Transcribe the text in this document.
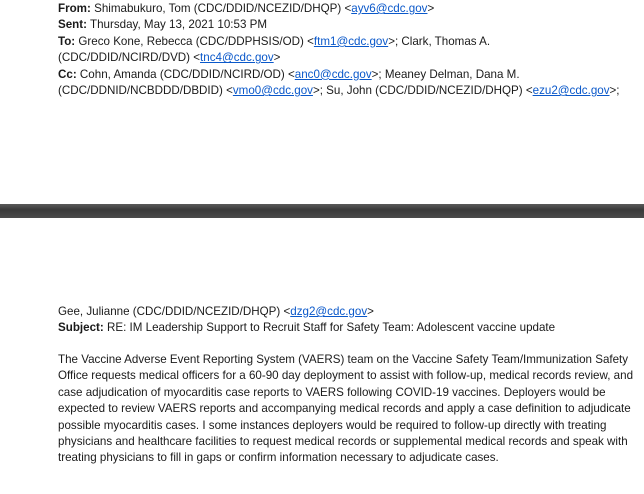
From: Shimabukuro, Tom (CDC/DDID/NCEZID/DHQP) <ayv6@cdc.gov>
Sent: Thursday, May 13, 2021 10:53 PM
To: Greco Kone, Rebecca (CDC/DDPHSIS/OD) <ftm1@cdc.gov>; Clark, Thomas A.
(CDC/DDID/NCIRD/DVD) <tnc4@cdc.gov>
Cc: Cohn, Amanda (CDC/DDID/NCIRD/OD) <anc0@cdc.gov>; Meaney Delman, Dana M.
(CDC/DDNID/NCBDDD/DBDID) <vmo0@cdc.gov>; Su, John (CDC/DDID/NCEZID/DHQP) <ezu2@cdc.gov>;
Gee, Julianne (CDC/DDID/NCEZID/DHQP) <dzg2@cdc.gov>
Subject: RE: IM Leadership Support to Recruit Staff for Safety Team: Adolescent vaccine update

The Vaccine Adverse Event Reporting System (VAERS) team on the Vaccine Safety Team/Immunization Safety Office requests medical officers for a 60-90 day deployment to assist with follow-up, medical records review, and case adjudication of myocarditis case reports to VAERS following COVID-19 vaccines. Deployers would be expected to review VAERS reports and accompanying medical records and apply a case definition to adjudicate possible myocarditis cases. I some instances deployers would be required to follow-up directly with treating physicians and healthcare facilities to request medical records or supplemental medical records and speak with treating physicians to fill in gaps or confirm information necessary to adjudicate cases.
